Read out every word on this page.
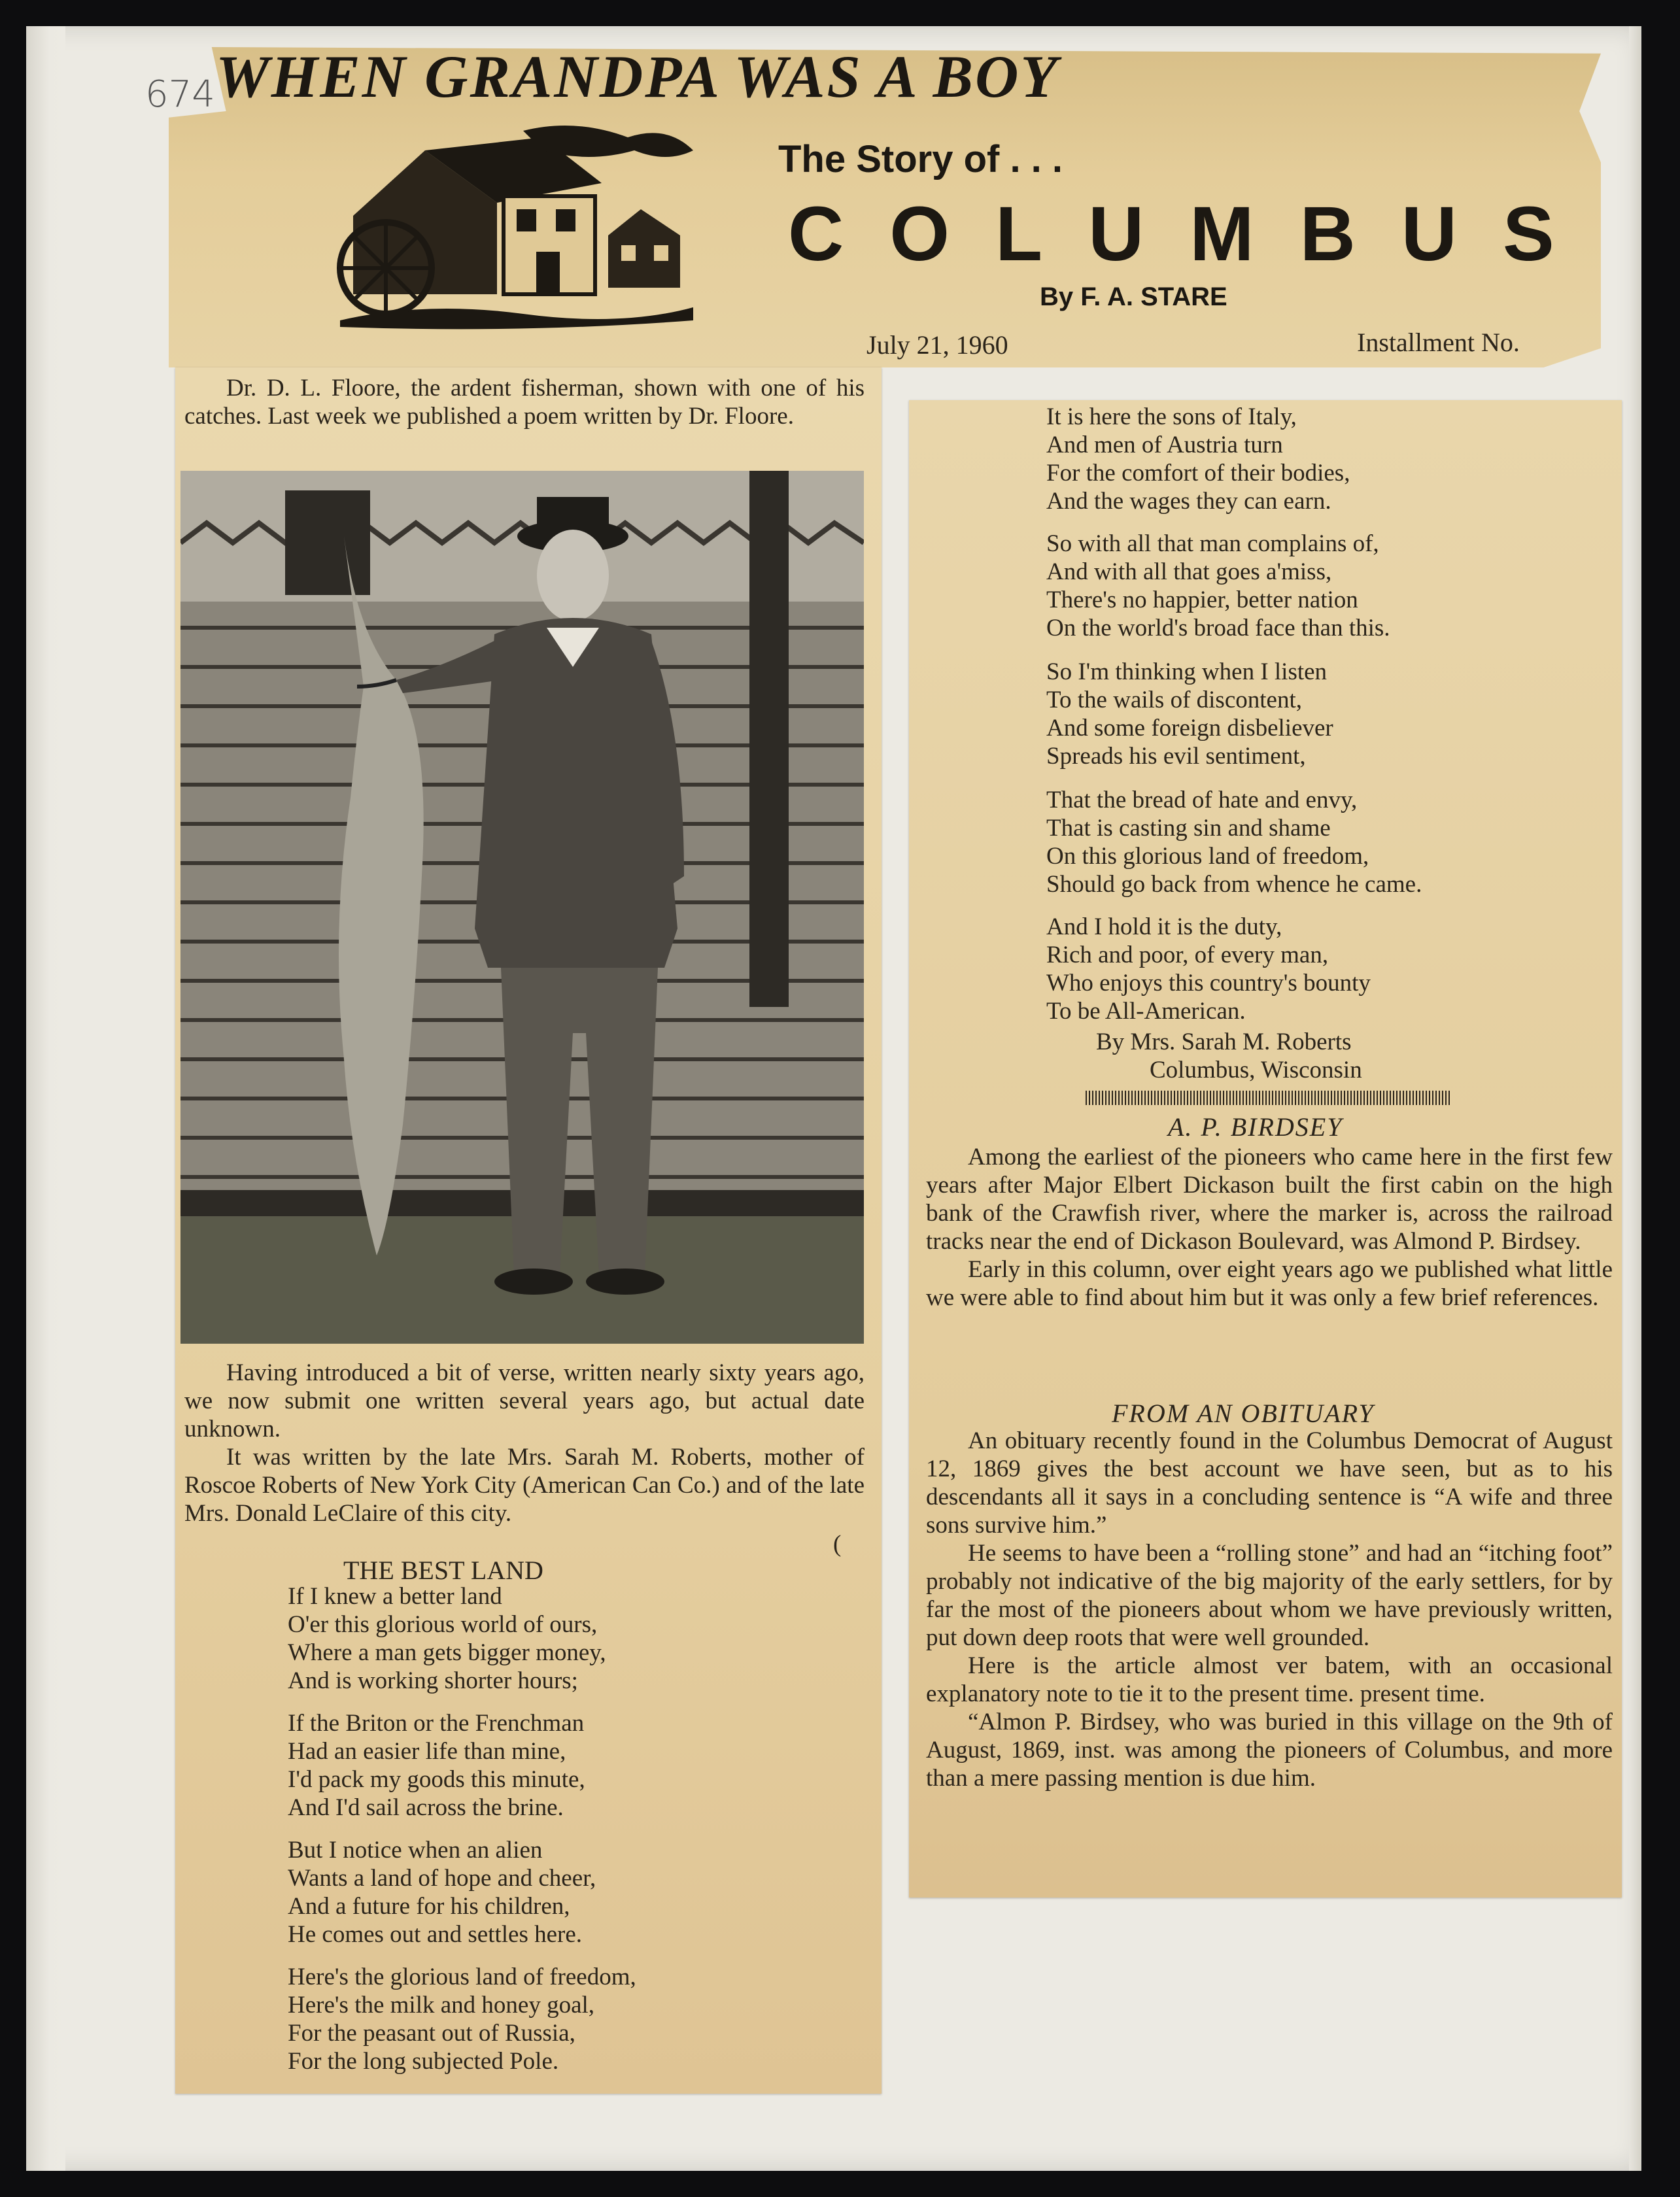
674 WHEN GRANDPA WAS A BOY
The Story of . . .
COLUMBUS
By F. A. STARE
July 21, 1960	Installment No.
Dr. D. L. Floore, the ardent fisherman, shown with one of his catches. Last week we published a poem written by Dr. Floore.
Having introduced a bit of verse, written nearly sixty years ago, we now submit one written several years ago, but actual date unknown.
It was written by the late Mrs. Sarah M. Roberts, mother of Roscoe Roberts of New York City (American Can Co.) and of the late Mrs. Donald LeClaire of this city.
(
THE BEST LAND
If I knew a better land
O'er this glorious world of ours,
Where a man gets bigger money,
And is working shorter hours;
If the Briton or the Frenchman
Had an easier life than mine,
I'd pack my goods this minute,
And I'd sail across the brine.
But I notice when an alien
Wants a land of hope and cheer,
And a future for his children,
He comes out and settles here.
Here's the glorious land of freedom,
Here's the milk and honey goal,
For the peasant out of Russia,
For the long subjected Pole.
It is here the sons of Italy,
And men of Austria turn
For the comfort of their bodies,
And the wages they can earn.
So with all that man complains of,
And with all that goes a'miss,
There's no happier, better nation
On the world's broad face than this.
So I'm thinking when I listen
To the wails of discontent,
And some foreign disbeliever
Spreads his evil sentiment,
That the bread of hate and envy,
That is casting sin and shame
On this glorious land of freedom,
Should go back from whence he came.
And I hold it is the duty,
Rich and poor, of every man,
Who enjoys this country's bounty
To be All-American.
By Mrs. Sarah M. Roberts
Columbus, Wisconsin
A. P. BIRDSEY
Among the earliest of the pioneers who came here in the first few years after Major Elbert Dickason built the first cabin on the high bank of the Crawfish river, where the marker is, across the railroad tracks near the end of Dickason Boulevard, was Almond P. Birdsey.
Early in this column, over eight years ago we published what little we were able to find about him but it was only a few brief references.
FROM AN OBITUARY
An obituary recently found in the Columbus Democrat of August 12, 1869 gives the best account we have seen, but as to his descendants all it says in a concluding sentence is “A wife and three sons survive him.”
He seems to have been a “rolling stone” and had an “itching foot” probably not indicative of the big majority of the early settlers, for by far the most of the pioneers about whom we have previously written, put down deep roots that were well grounded.
Here is the article almost ver batem, with an occasional explanatory note to tie it to the present time. present time.
“Almon P. Birdsey, who was buried in this village on the 9th of August, 1869, inst. was among the pioneers of Columbus, and more than a mere passing mention is due him.
